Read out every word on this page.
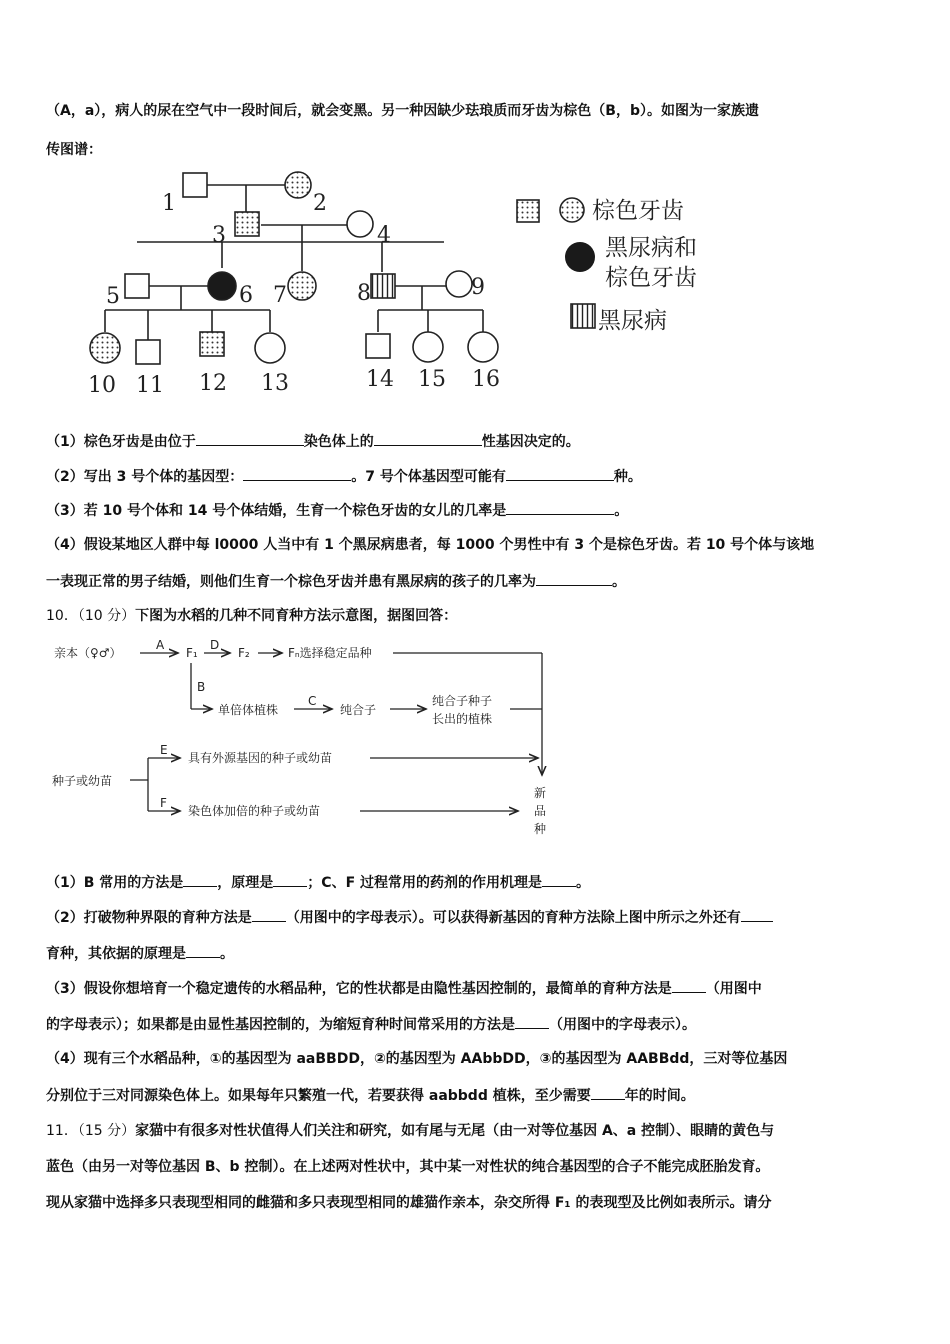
（A，a），病人的尿在空气中一段时间后，就会变黑。另一种因缺少珐琅质而牙齿为棕色（B，b）。如图为一家族遗
传图谱：
1	2
3	4
5	6 7	8	9
10 11 12 13	14 15 16
棕色牙齿
黑尿病和
棕色牙齿
黑尿病
（1）棕色牙齿是由位于	染色体上的	性基因决定的。
（2）写出 3 号个体的基因型：	。7 号个体基因型可能有	种。
（3）若 10 号个体和 14 号个体结婚，生育一个棕色牙齿的女儿的几率是	。
（4）假设某地区人群中每 l0000 人当中有 1 个黑尿病患者，每 1000 个男性中有 3 个是棕色牙齿。若 10 号个体与该地
一表现正常的男子结婚，则他们生育一个棕色牙齿并患有黑尿病的孩子的几率为	。
10．（10 分）下图为水稻的几种不同育种方法示意图，据图回答：
亲本（♀♂）
A
F₁
D
F₂	Fₙ选择稳定品种
B
单倍体植株
C
纯合子
纯合子种子
长出的植株
E
具有外源基因的种子或幼苗
种子或幼苗
F
染色体加倍的种子或幼苗
新
品
种
（1）B 常用的方法是 ，原理是 ；C、F 过程常用的药剂的作用机理是 。
（2）打破物种界限的育种方法是 （用图中的字母表示）。可以获得新基因的育种方法除上图中所示之外还有
育种，其依据的原理是 。
（3）假设你想培育一个稳定遗传的水稻品种，它的性状都是由隐性基因控制的，最简单的育种方法是 （用图中
的字母表示）；如果都是由显性基因控制的，为缩短育种时间常采用的方法是 （用图中的字母表示）。
（4）现有三个水稻品种，①的基因型为 aaBBDD，②的基因型为 AAbbDD，③的基因型为 AABBdd，三对等位基因
分别位于三对同源染色体上。如果每年只繁殖一代，若要获得 aabbdd 植株，至少需要 年的时间。
11．（15 分）家猫中有很多对性状值得人们关注和研究，如有尾与无尾（由一对等位基因 A、a 控制）、眼睛的黄色与
蓝色（由另一对等位基因 B、b 控制）。在上述两对性状中，其中某一对性状的纯合基因型的合子不能完成胚胎发育。
现从家猫中选择多只表现型相同的雌猫和多只表现型相同的雄猫作亲本，杂交所得 F₁ 的表现型及比例如表所示。请分
